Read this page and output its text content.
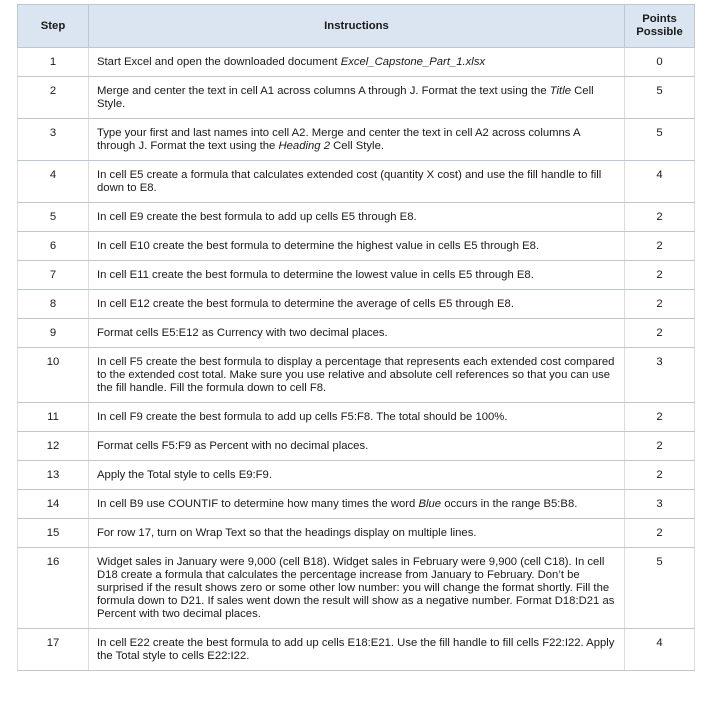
Step	Instructions	Points
Possible
1	Start Excel and open the downloaded document Excel_Capstone_Part_1.xlsx	0
2	Merge and center the text in cell A1 across columns A through J. Format the text using the Title Cell Style.	5
3	Type your first and last names into cell A2. Merge and center the text in cell A2 across columns A through J. Format the text using the Heading 2 Cell Style.	5
4	In cell E5 create a formula that calculates extended cost (quantity X cost) and use the fill handle to fill down to E8.	4
5	In cell E9 create the best formula to add up cells E5 through E8.	2
6	In cell E10 create the best formula to determine the highest value in cells E5 through E8.	2
7	In cell E11 create the best formula to determine the lowest value in cells E5 through E8.	2
8	In cell E12 create the best formula to determine the average of cells E5 through E8.	2
9	Format cells E5:E12 as Currency with two decimal places.	2
10	In cell F5 create the best formula to display a percentage that represents each extended cost compared to the extended cost total. Make sure you use relative and absolute cell references so that you can use the fill handle. Fill the formula down to cell F8.	3
11	In cell F9 create the best formula to add up cells F5:F8. The total should be 100%.	2
12	Format cells F5:F9 as Percent with no decimal places.	2
13	Apply the Total style to cells E9:F9.	2
14	In cell B9 use COUNTIF to determine how many times the word Blue occurs in the range B5:B8.	3
15	For row 17, turn on Wrap Text so that the headings display on multiple lines.	2
16	Widget sales in January were 9,000 (cell B18). Widget sales in February were 9,900 (cell C18). In cell D18 create a formula that calculates the percentage increase from January to February. Don’t be surprised if the result shows zero or some other low number: you will change the format shortly. Fill the formula down to D21. If sales went down the result will show as a negative number. Format D18:D21 as Percent with two decimal places.	5
17	In cell E22 create the best formula to add up cells E18:E21. Use the fill handle to fill cells F22:I22. Apply the Total style to cells E22:I22.	4
